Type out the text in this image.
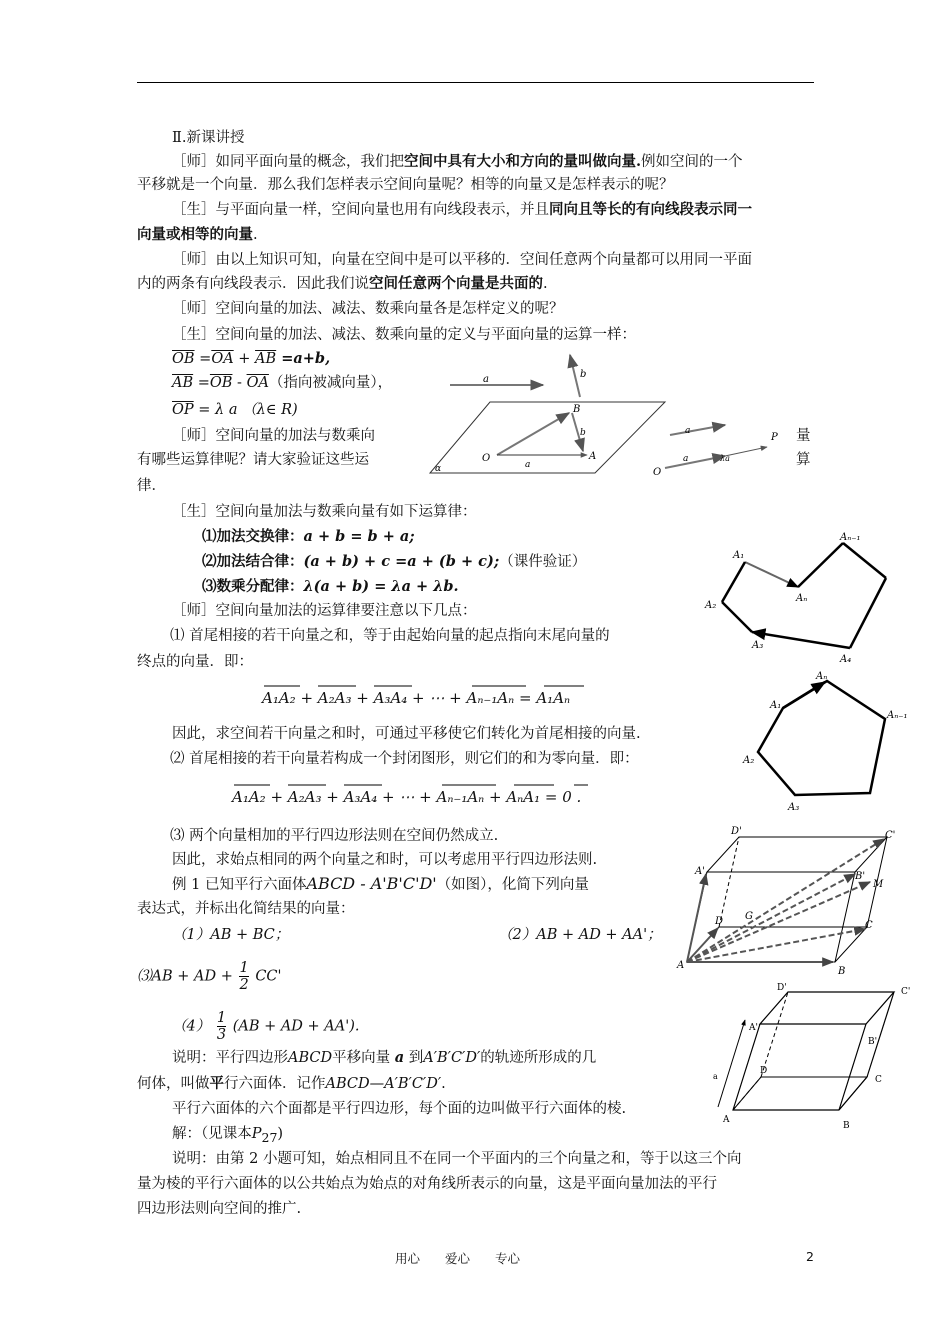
Ⅱ.新课讲授
［师］如同平面向量的概念，我们把空间中具有大小和方向的量叫做向量.例如空间的一个
平移就是一个向量．那么我们怎样表示空间向量呢？相等的向量又是怎样表示的呢？
［生］与平面向量一样，空间向量也用有向线段表示，并且同向且等长的有向线段表示同一
向量或相等的向量.
［师］由以上知识可知，向量在空间中是可以平移的．空间任意两个向量都可以用同一平面
内的两条有向线段表示．因此我们说空间任意两个向量是共面的.
［师］空间向量的加法、减法、数乘向量各是怎样定义的呢？
［生］空间向量的加法、减法、数乘向量的定义与平面向量的运算一样：
$\overline{OB} =\overline{OA} + \overline{AB} =a+b$,
$\overline{AB} =\overline{OB} - \overline{OA}$（指向被减向量），
$\overline{OP} = \lambda$ a （λ∈ R)
［师］空间向量的加法与数乘向
有哪些运算律呢？请大家验证这些运
律．
量
算
［生］空间向量加法与数乘向量有如下运算律：
⑴加法交换律：a + b = b + a;
⑵加法结合律：(a + b) + c =a + (b + c);（课件验证）
⑶数乘分配律：λ(a + b) = λa + λb.
［师］空间向量加法的运算律要注意以下几点：
⑴ 首尾相接的若干向量之和，等于由起始向量的起点指向末尾向量的
终点的向量．即：
A₁A₂ + A₂A₃ + A₃A₄ + ⋯ + Aₙ₋₁Aₙ = A₁Aₙ
因此，求空间若干向量之和时，可通过平移使它们转化为首尾相接的向量.
⑵ 首尾相接的若干向量若构成一个封闭图形，则它们的和为零向量．即：
A₁A₂ + A₂A₃ + A₃A₄ + ⋯ + Aₙ₋₁Aₙ + AₙA₁ = 0 .
⑶ 两个向量相加的平行四边形法则在空间仍然成立.
因此，求始点相同的两个向量之和时，可以考虑用平行四边形法则.
例 1 已知平行六面体ABCD - A'B'C'D'（如图），化简下列向量
表达式，并标出化简结果的向量：
（1）AB + BC；	（2）AB + AD + AA'；
⑶AB + AD + $\frac{1}{2} CC'$
$(4) \frac{1}{3} (AB$ + AD + AA').
说明：平行四边形ABCD平移向量 a 到A′B′C′D′的轨迹所形成的几
何体，叫做平行六面体．记作ABCD—A′B′C′D′.
平行六面体的六个面都是平行四边形，每个面的边叫做平行六面体的棱.
解：（见课本$P_{27}$)
说明：由第 2 小题可知，始点相同且不在同一个平面内的三个向量之和，等于以这三个向
量为棱的平行六面体的以公共始点为始点的对角线所表示的向量，这是平面向量加法的平行
四边形法则向空间的推广.
用心　　爱心　　专心	2
a	b
O
a
A
B
b	a
O
a	λa
P
α
A₁
A₂
A₃
A₄
Aₙ
Aₙ₋₁
A₁
A₂
A₃
Aₙ
Aₙ₋₁
A
B
C
D
A'	B'
C'
D'
G
M
a
A
B
C
D
A'
B'
C'
D'
